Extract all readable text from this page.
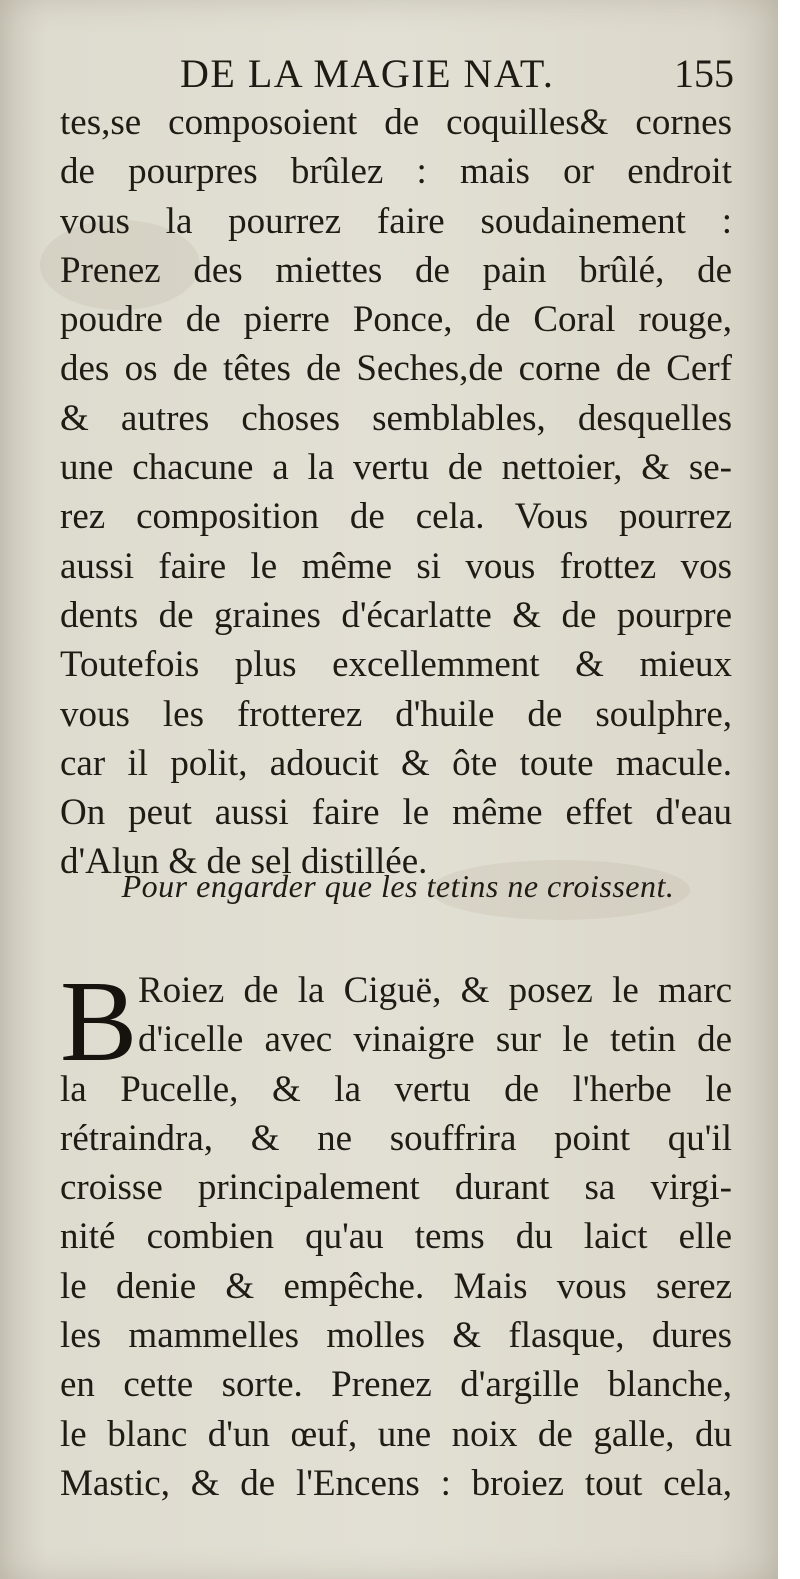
DE LA MAGIE NAT.	155
tes,se composoient de coquilles& cornes
de pourpres brûlez : mais or endroit
vous la pourrez faire soudainement :
Prenez des miettes de pain brûlé, de
poudre de pierre Ponce, de Coral rouge,
des os de têtes de Seches,de corne de Cerf
& autres choses semblables, desquelles
une chacune a la vertu de nettoier, & se-
rez composition de cela. Vous pourrez
aussi faire le même si vous frottez vos
dents de graines d'écarlatte & de pourpre
Toutefois plus excellemment & mieux
vous les frotterez d'huile de soulphre,
car il polit, adoucit & ôte toute macule.
On peut aussi faire le même effet d'eau
d'Alun & de sel distillée.
Pour engarder que les tetins ne croissent.
B Roiez de la Ciguë, & posez le marc
d'icelle avec vinaigre sur le tetin de
la Pucelle, & la vertu de l'herbe le
rétraindra, & ne souffrira point qu'il
croisse principalement durant sa virgi-
nité combien qu'au tems du laict elle
le denie & empêche. Mais vous serez
les mammelles molles & flasque, dures
en cette sorte. Prenez d'argille blanche,
le blanc d'un œuf, une noix de galle, du
Mastic, & de l'Encens : broiez tout cela,
